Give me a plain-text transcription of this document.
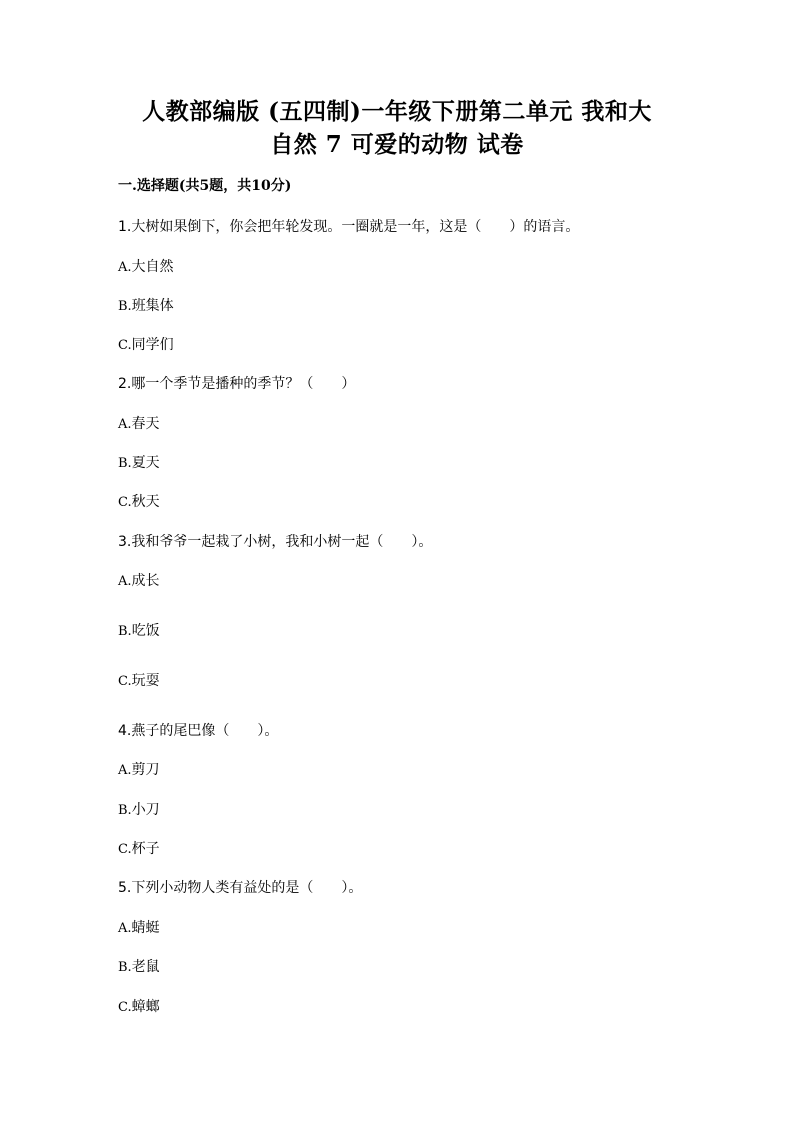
人教部编版 (五四制)一年级下册第二单元 我和大
自然 7 可爱的动物 试卷
一.选择题(共5题，共10分)
1.大树如果倒下，你会把年轮发现。一圈就是一年，这是（　　）的语言。
A.大自然
B.班集体
C.同学们
2.哪一个季节是播种的季节？（　　）
A.春天
B.夏天
C.秋天
3.我和爷爷一起栽了小树，我和小树一起（　　）。
A.成长
B.吃饭
C.玩耍
4.燕子的尾巴像（　　）。
A.剪刀
B.小刀
C.杯子
5.下列小动物人类有益处的是（　　）。
A.蜻蜓
B.老鼠
C.蟑螂
